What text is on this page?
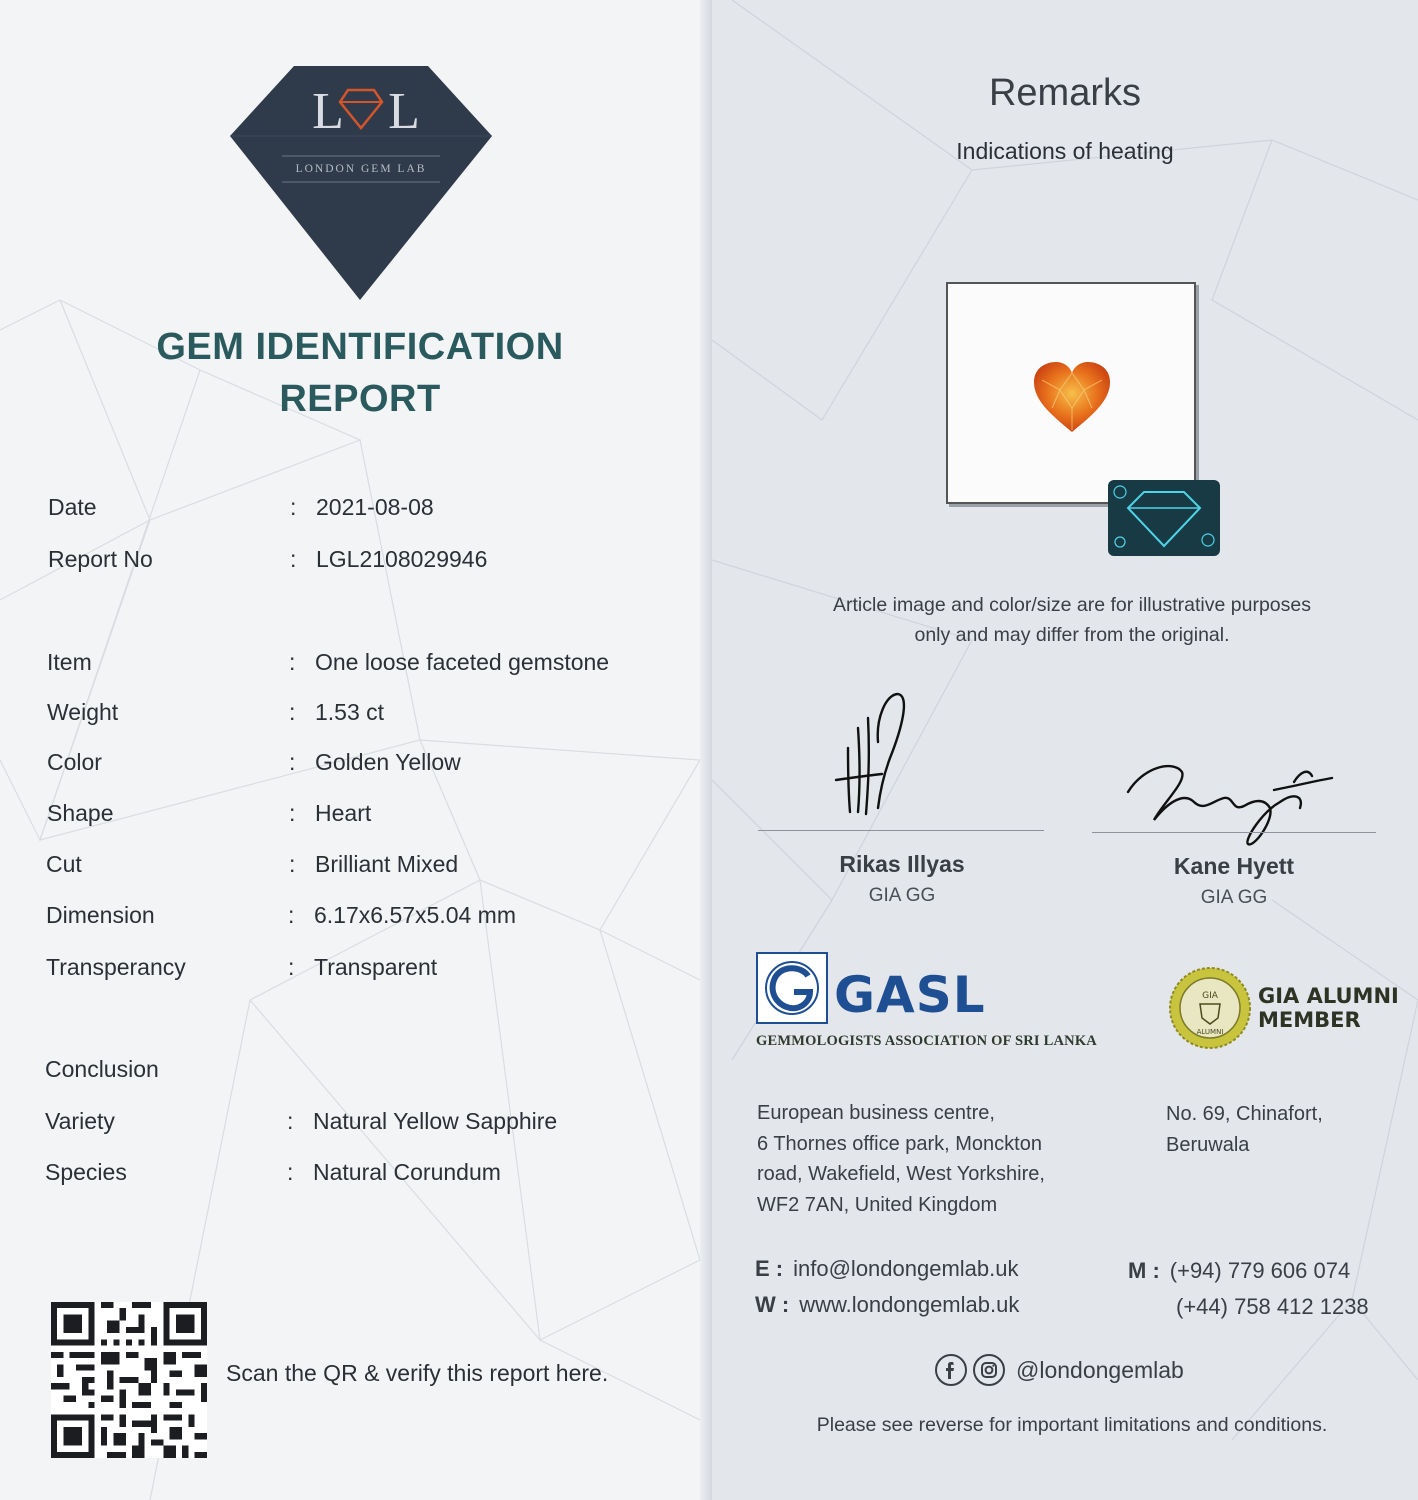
L L
LONDON GEM LAB
GEM IDENTIFICATION
REPORT
Date	: 2021-08-08
Report No	: LGL2108029946
Item	: One loose faceted gemstone
Weight	: 1.53 ct
Color	: Golden Yellow
Shape	: Heart
Cut	: Brilliant Mixed
Dimension	: 6.17x6.57x5.04 mm
Transperancy	: Transparent
Conclusion
Variety	: Natural Yellow Sapphire
Species	: Natural Corundum
Scan the QR & verify this report here.
Remarks
Indications of heating
Article image and color/size are for illustrative purposes
only and may differ from the original.
Rikas Illyas
GIA GG
Kane Hyett
GIA GG
GASL
GEMMOLOGISTS ASSOCIATION OF SRI LANKA
GIA
ALUMNI
GIA ALUMNI
MEMBER
European business centre,
6 Thornes office park, Monckton
road, Wakefield, West Yorkshire,
WF2 7AN, United Kingdom
No. 69, Chinafort,
Beruwala
E : info@londongemlab.uk
W : www.londongemlab.uk
M : (+94) 779 606 074
(+44) 758 412 1238
@londongemlab
Please see reverse for important limitations and conditions.
